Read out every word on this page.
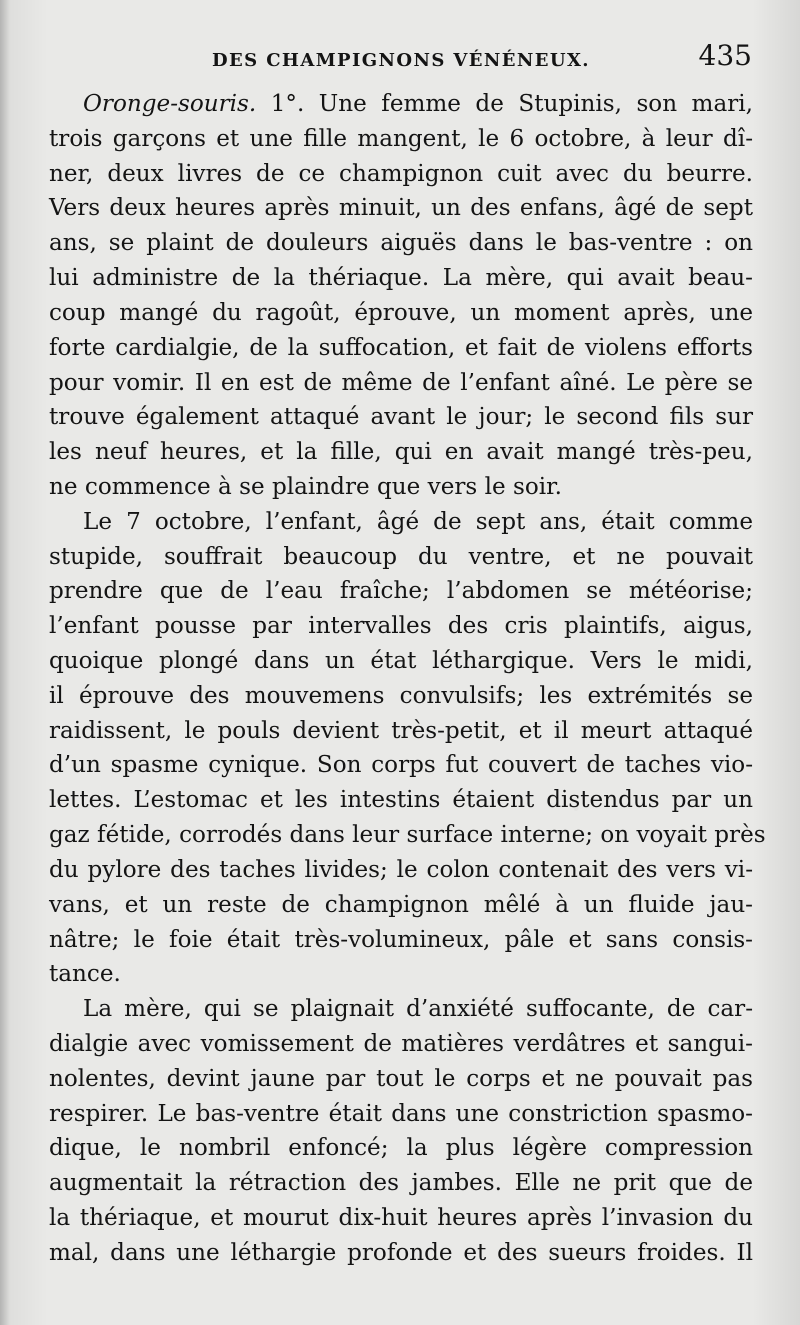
DES CHAMPIGNONS VÉNÉNEUX.	435
Oronge-souris. 1°. Une femme de Stupinis, son mari,
trois garçons et une fille mangent, le 6 octobre, à leur dî-
ner, deux livres de ce champignon cuit avec du beurre.
Vers deux heures après minuit, un des enfans, âgé de sept
ans, se plaint de douleurs aiguës dans le bas-ventre : on
lui administre de la thériaque. La mère, qui avait beau-
coup mangé du ragoût, éprouve, un moment après, une
forte cardialgie, de la suffocation, et fait de violens efforts
pour vomir. Il en est de même de l’enfant aîné. Le père se
trouve également attaqué avant le jour; le second fils sur
les neuf heures, et la fille, qui en avait mangé très-peu,
ne commence à se plaindre que vers le soir.
Le 7 octobre, l’enfant, âgé de sept ans, était comme
stupide, souffrait beaucoup du ventre, et ne pouvait
prendre que de l’eau fraîche; l’abdomen se météorise;
l’enfant pousse par intervalles des cris plaintifs, aigus,
quoique plongé dans un état léthargique. Vers le midi,
il éprouve des mouvemens convulsifs; les extrémités se
raidissent, le pouls devient très-petit, et il meurt attaqué
d’un spasme cynique. Son corps fut couvert de taches vio-
lettes. L’estomac et les intestins étaient distendus par un
gaz fétide, corrodés dans leur surface interne; on voyait près
du pylore des taches livides; le colon contenait des vers vi-
vans, et un reste de champignon mêlé à un fluide jau-
nâtre; le foie était très-volumineux, pâle et sans consis-
tance.
La mère, qui se plaignait d’anxiété suffocante, de car-
dialgie avec vomissement de matières verdâtres et sangui-
nolentes, devint jaune par tout le corps et ne pouvait pas
respirer. Le bas-ventre était dans une constriction spasmo-
dique, le nombril enfoncé; la plus légère compression
augmentait la rétraction des jambes. Elle ne prit que de
la thériaque, et mourut dix-huit heures après l’invasion du
mal, dans une léthargie profonde et des sueurs froides. Il
